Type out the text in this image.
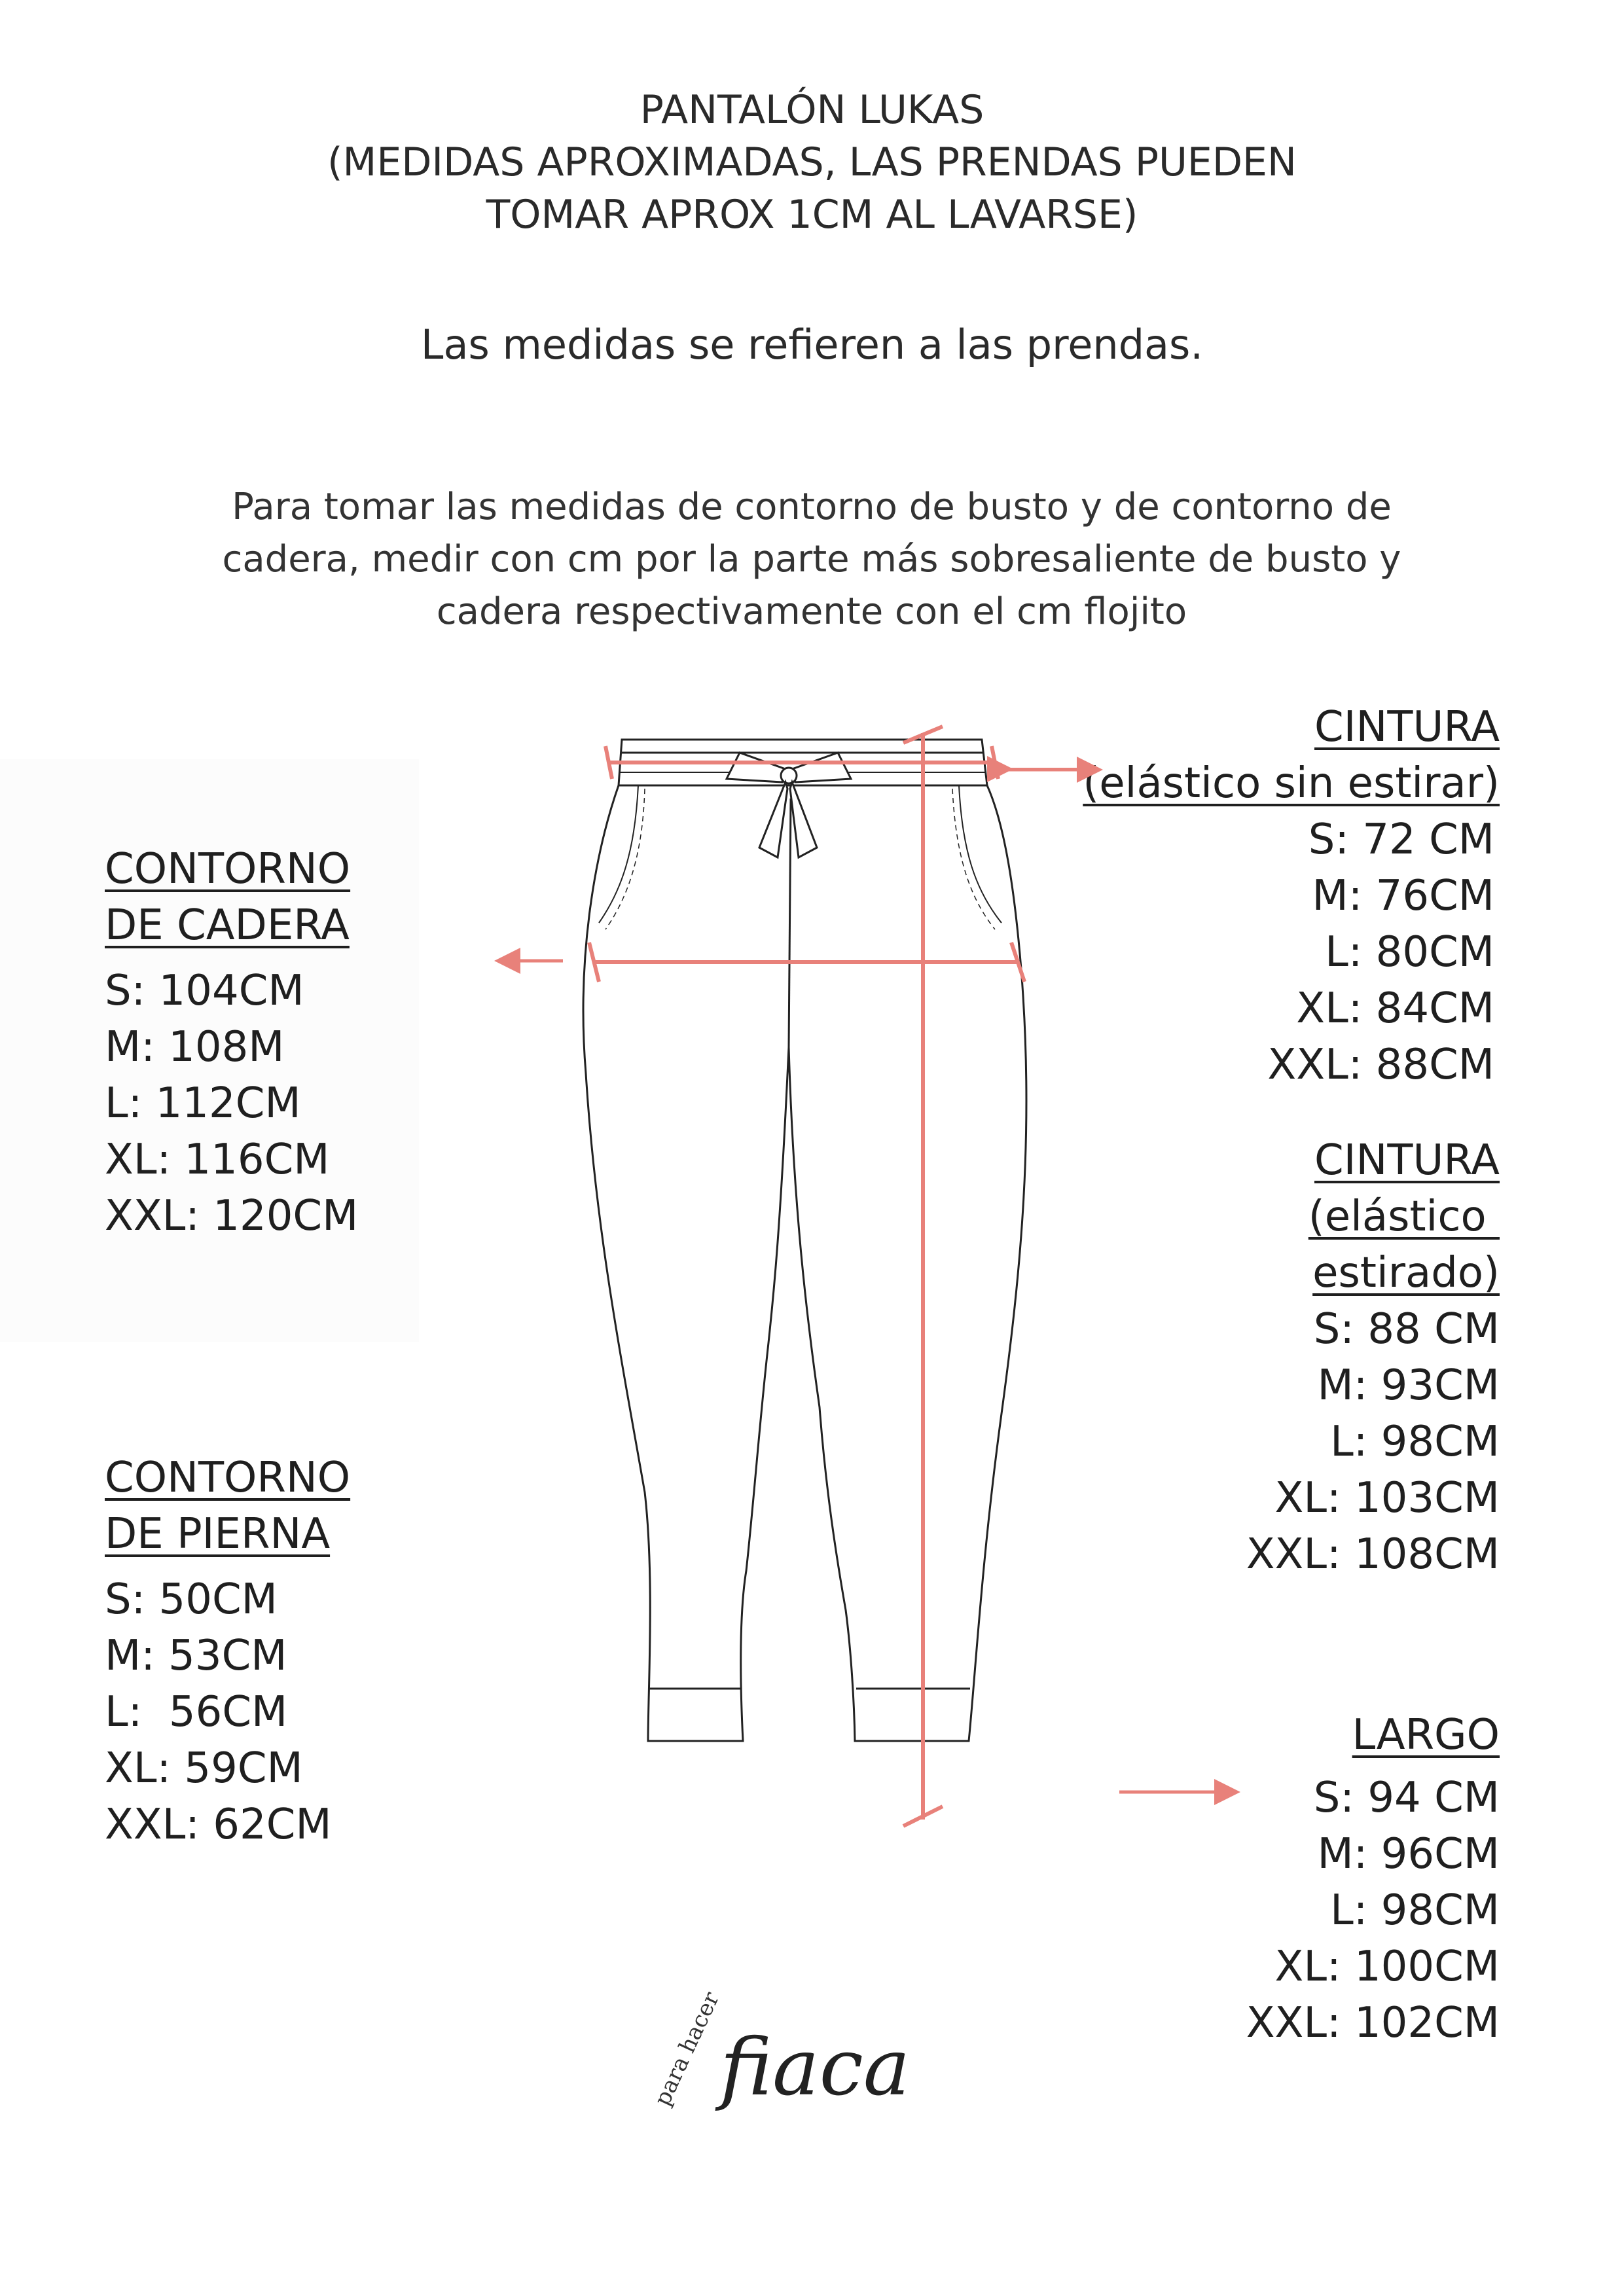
PANTALÓN LUKAS
(MEDIDAS APROXIMADAS, LAS PRENDAS PUEDEN
TOMAR APROX 1CM AL LAVARSE)
Las medidas se refieren a las prendas.
Para tomar las medidas de contorno de busto y de contorno de
cadera, medir con cm por la parte más sobresaliente de busto y
cadera respectivamente con el cm flojito
CONTORNO
DE CADERA
S: 104CM
M: 108M
L: 112CM
XL: 116CM
XXL: 120CM
CONTORNO
DE PIERNA
S: 50CM
M: 53CM
L:  56CM
XL: 59CM
XXL: 62CM
CINTURA
(elástico sin estirar)
S: 72 CM
M: 76CM
L: 80CM
XL: 84CM
XXL: 88CM
CINTURA
(elástico
estirado)
S: 88 CM
M: 93CM
L: 98CM
XL: 103CM
XXL: 108CM
LARGO
S: 94 CM
M: 96CM
L: 98CM
XL: 100CM
XXL: 102CM
para hacer
fiaca
